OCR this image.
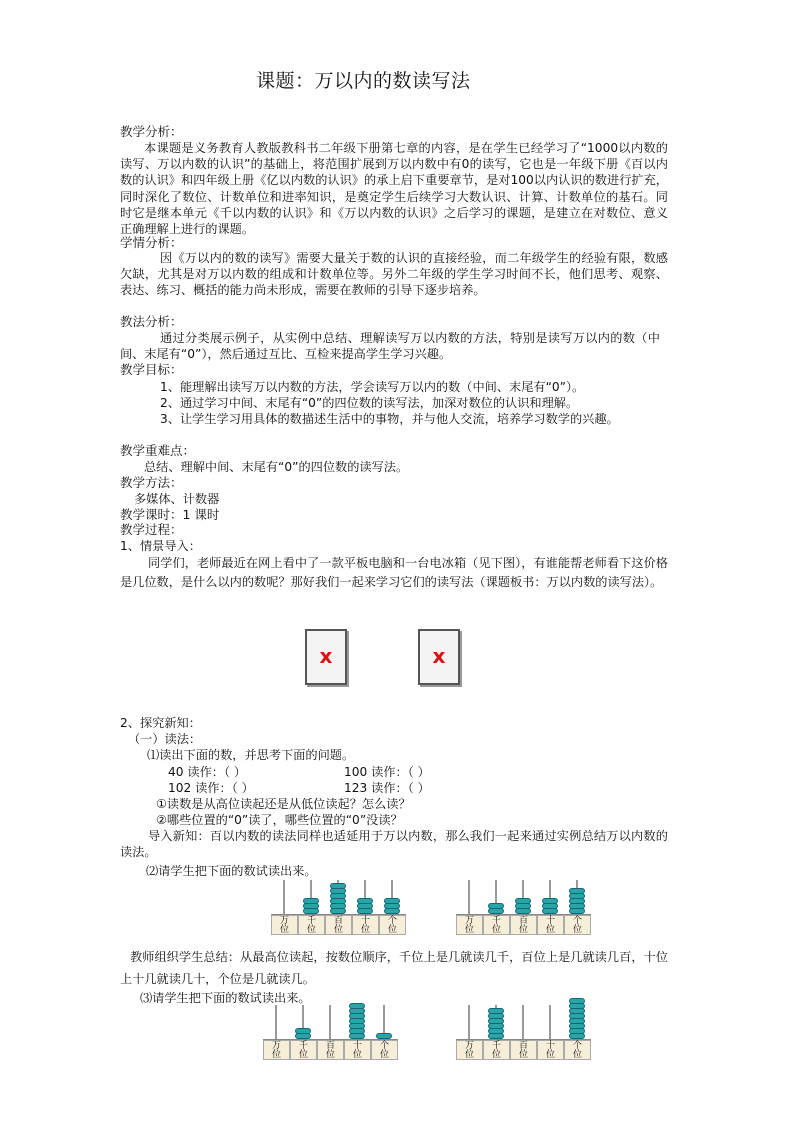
课题：万以内的数读写法
教学分析：
本课题是义务教育人教版教科书二年级下册第七章的内容，是在学生已经学习了“1000以内数的读写、万以内数的认识”的基础上，将范围扩展到万以内数中有0的读写，它也是一年级下册《百以内数的认识》和四年级上册《亿以内数的认识》的承上启下重要章节，是对100以内认识的数进行扩充，同时深化了数位、计数单位和进率知识，是奠定学生后续学习大数认识、计算、计数单位的基石。同时它是继本单元《千以内数的认识》和《万以内数的认识》之后学习的课题，是建立在对数位、意义正确理解上进行的课题。
学情分析：
因《万以内的数的读写》需要大量关于数的认识的直接经验，而二年级学生的经验有限，数感欠缺，尤其是对万以内数的组成和计数单位等。另外二年级的学生学习时间不长，他们思考、观察、表达、练习、概括的能力尚未形成，需要在教师的引导下逐步培养。
教法分析：
通过分类展示例子，从实例中总结、理解读写万以内数的方法，特别是读写万以内的数（中间、末尾有“0”），然后通过互比、互检来提高学生学习兴趣。
教学目标：
1、能理解出读写万以内数的方法，学会读写万以内的数（中间、末尾有“0”）。
2、通过学习中间、末尾有“0”的四位数的读写法，加深对数位的认识和理解。
3、让学生学习用具体的数描述生活中的事物，并与他人交流，培养学习数学的兴趣。
教学重难点：
总结、理解中间、末尾有“0”的四位数的读写法。
教学方法：
多媒体、计数器
教学课时：1 课时
教学过程：
1、情景导入：
同学们，老师最近在网上看中了一款平板电脑和一台电冰箱（见下图），有谁能帮老师看下这价格是几位数，是什么以内的数呢？那好我们一起来学习它们的读写法（课题板书：万以内数的读写法）。
x	x
2、探究新知：
（一）读法：
⑴读出下面的数，并思考下面的问题。
40 读作：（ ）	100 读作：（ ）
102 读作：（ ）	123 读作：（ ）
①读数是从高位读起还是从低位读起？怎么读？
②哪些位置的“0”读了，哪些位置的“0”没读？
导入新知：百以内数的读法同样也适延用于万以内数，那么我们一起来通过实例总结万以内数的读法。
⑵请学生把下面的数试读出来。
万
位
千
位
百
位
十
位
个
位
万
位
千
位
百
位
十
位
个
位
教师组织学生总结：从最高位读起，按数位顺序，千位上是几就读几千，百位上是几就读几百，十位上十几就读几十，个位是几就读几。
⑶请学生把下面的数试读出来。
万
位
千
位
百
位
十
位
个
位
万
位
千
位
百
位
十
位
个
位
